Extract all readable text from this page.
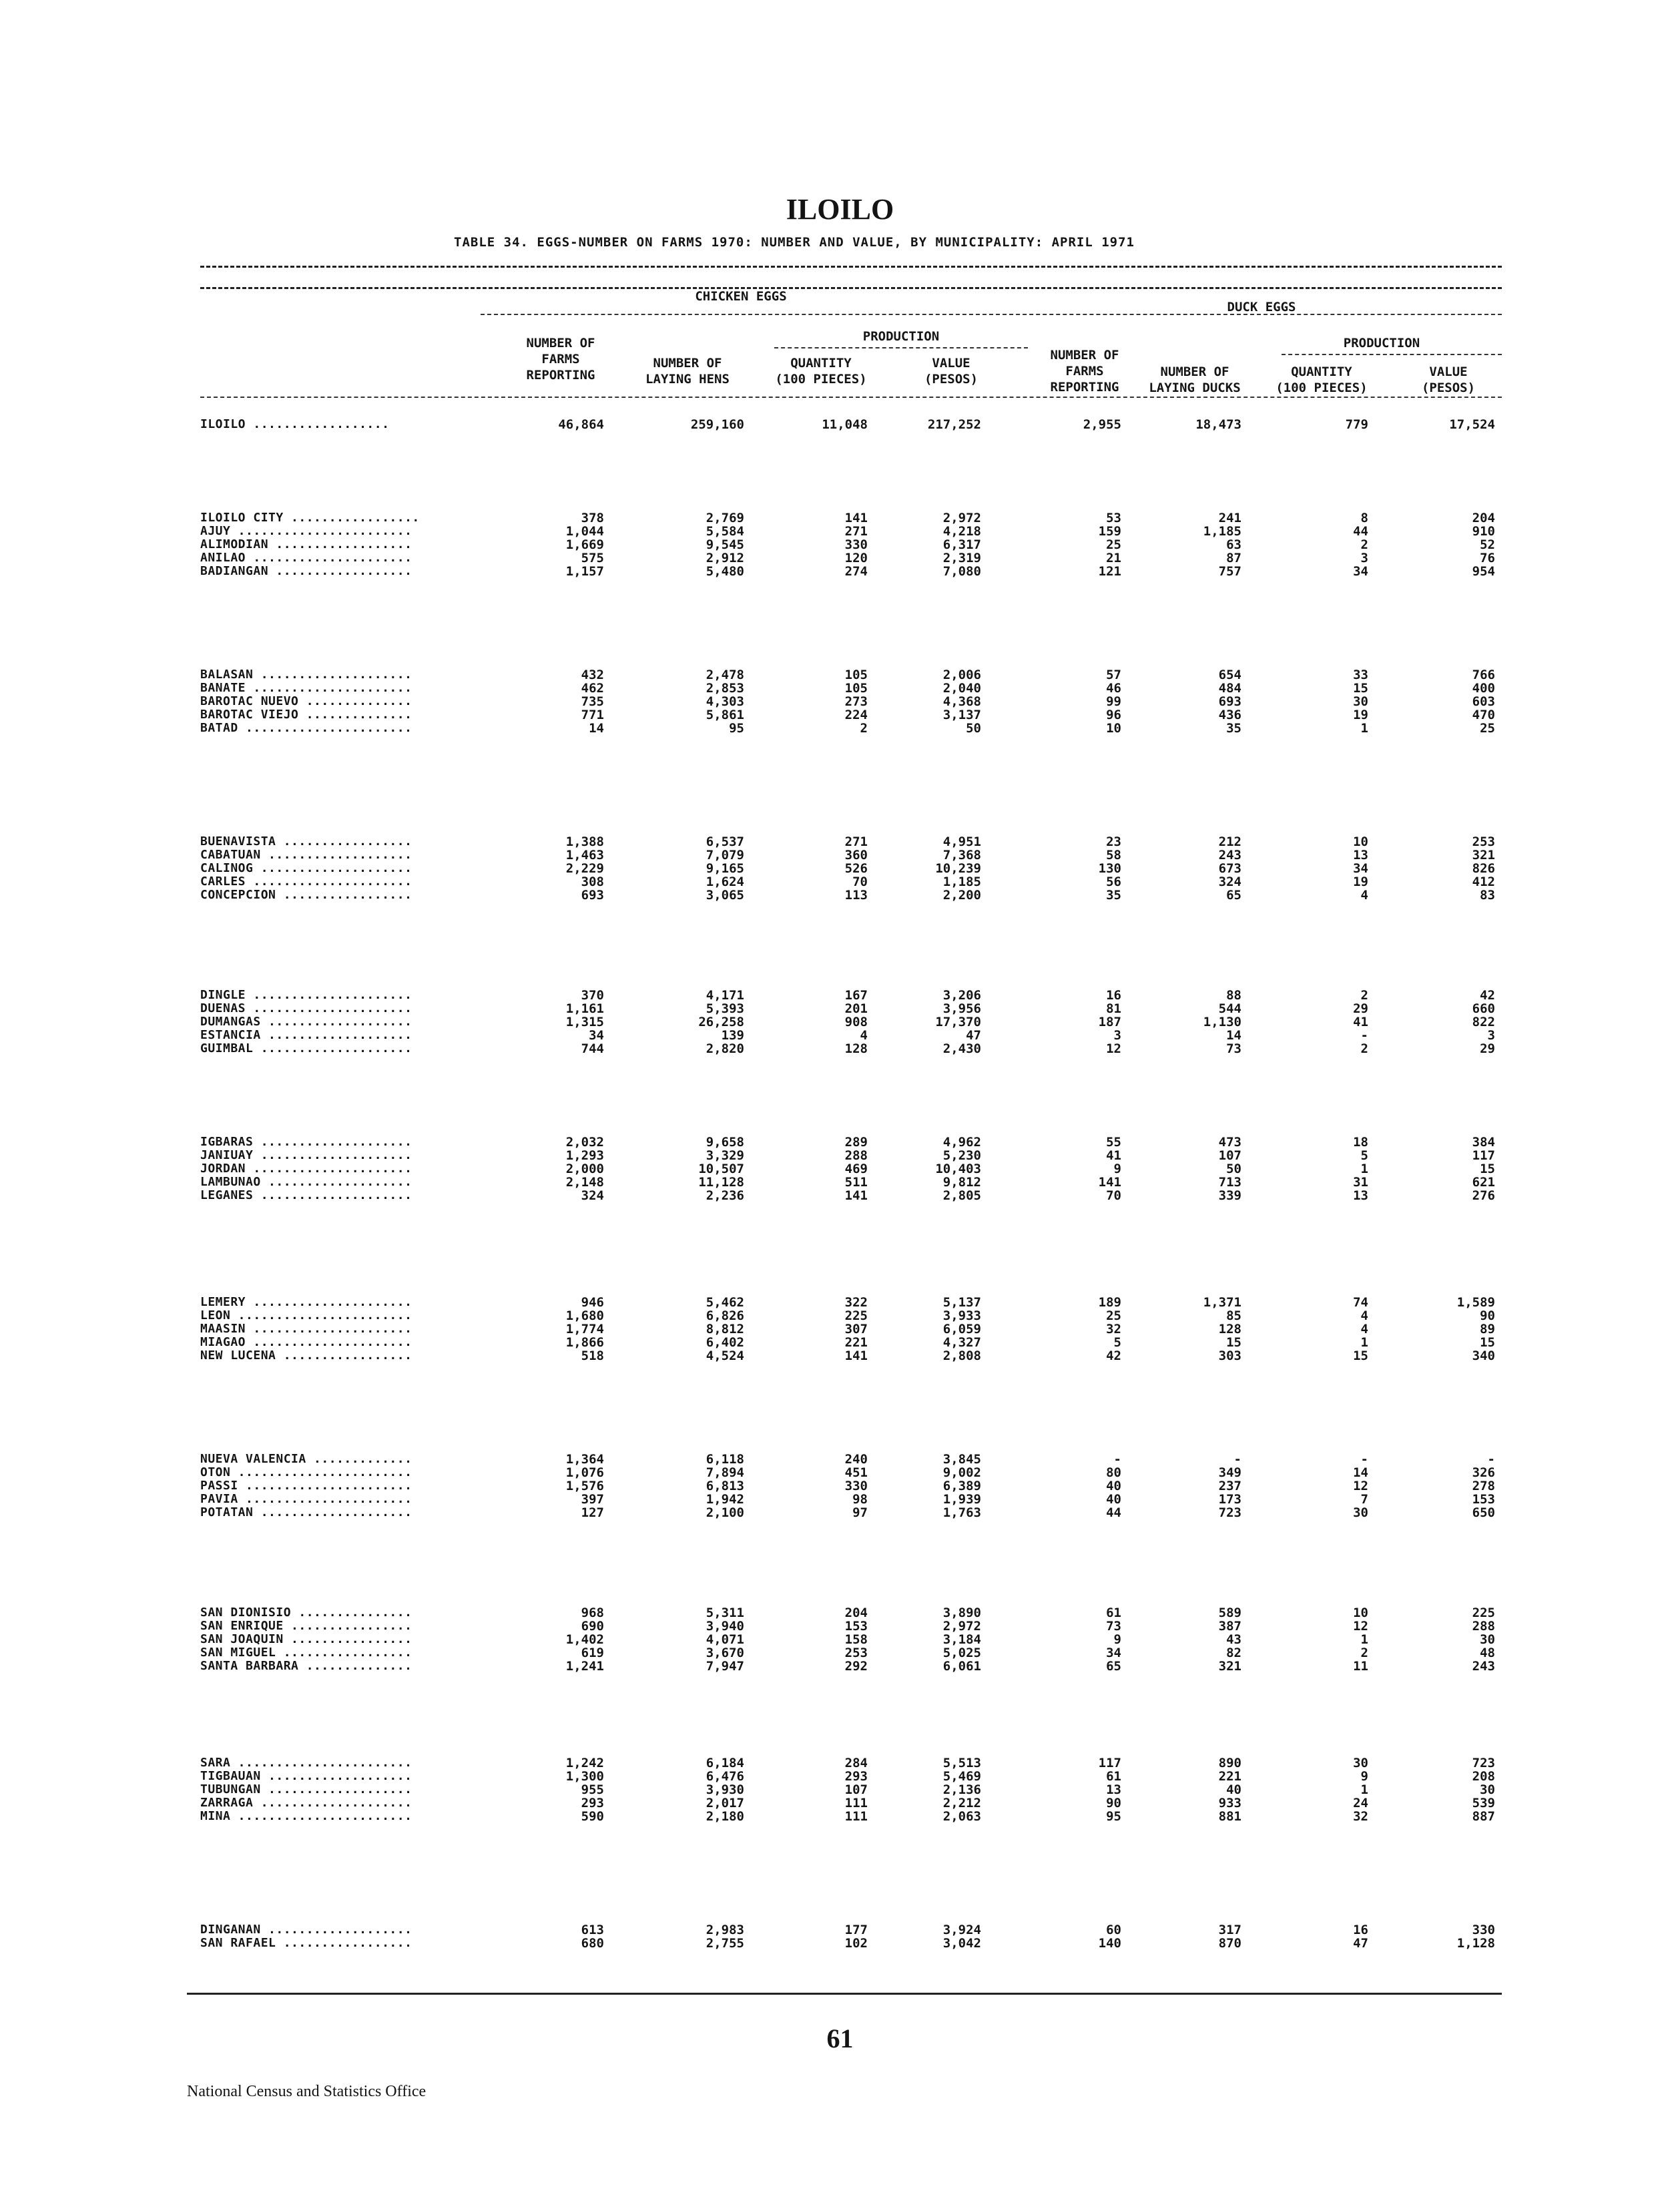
ILOILO
TABLE 34. EGGS-NUMBER ON FARMS 1970: NUMBER AND VALUE, BY MUNICIPALITY: APRIL 1971
CHICKEN EGGS
DUCK EGGS
PRODUCTION	PRODUCTION
NUMBER OF
FARMS
REPORTING
NUMBER OF
LAYING HENS
QUANTITY
(100 PIECES)
VALUE
(PESOS)
NUMBER OF
FARMS
REPORTING
NUMBER OF
LAYING DUCKS
QUANTITY
(100 PIECES)
VALUE
(PESOS)
ILOILO ..................	46,864	259,160	11,048	217,252	2,955	18,473	779	17,524
ILOILO CITY .................	378	2,769	141	2,972	53	241	8	204
AJUY .......................	1,044	5,584	271	4,218	159	1,185	44	910
ALIMODIAN ..................	1,669	9,545	330	6,317	25	63	2	52
ANILAO .....................	575	2,912	120	2,319	21	87	3	76
BADIANGAN ..................	1,157	5,480	274	7,080	121	757	34	954
BALASAN ....................	432	2,478	105	2,006	57	654	33	766
BANATE .....................	462	2,853	105	2,040	46	484	15	400
BAROTAC NUEVO ..............	735	4,303	273	4,368	99	693	30	603
BAROTAC VIEJO ..............	771	5,861	224	3,137	96	436	19	470
BATAD ......................	14	95	2	50	10	35	1	25
BUENAVISTA .................	1,388	6,537	271	4,951	23	212	10	253
CABATUAN ...................	1,463	7,079	360	7,368	58	243	13	321
CALINOG ....................	2,229	9,165	526	10,239	130	673	34	826
CARLES .....................	308	1,624	70	1,185	56	324	19	412
CONCEPCION .................	693	3,065	113	2,200	35	65	4	83
DINGLE .....................	370	4,171	167	3,206	16	88	2	42
DUENAS .....................	1,161	5,393	201	3,956	81	544	29	660
DUMANGAS ...................	1,315	26,258	908	17,370	187	1,130	41	822
ESTANCIA ...................	34	139	4	47	3	14	-	3
GUIMBAL ....................	744	2,820	128	2,430	12	73	2	29
IGBARAS ....................	2,032	9,658	289	4,962	55	473	18	384
JANIUAY ....................	1,293	3,329	288	5,230	41	107	5	117
JORDAN .....................	2,000	10,507	469	10,403	9	50	1	15
LAMBUNAO ...................	2,148	11,128	511	9,812	141	713	31	621
LEGANES ....................	324	2,236	141	2,805	70	339	13	276
LEMERY .....................	946	5,462	322	5,137	189	1,371	74	1,589
LEON .......................	1,680	6,826	225	3,933	25	85	4	90
MAASIN .....................	1,774	8,812	307	6,059	32	128	4	89
MIAGAO .....................	1,866	6,402	221	4,327	5	15	1	15
NEW LUCENA .................	518	4,524	141	2,808	42	303	15	340
NUEVA VALENCIA .............	1,364	6,118	240	3,845	-	-	-	-
OTON .......................	1,076	7,894	451	9,002	80	349	14	326
PASSI ......................	1,576	6,813	330	6,389	40	237	12	278
PAVIA ......................	397	1,942	98	1,939	40	173	7	153
POTATAN ....................	127	2,100	97	1,763	44	723	30	650
SAN DIONISIO ...............	968	5,311	204	3,890	61	589	10	225
SAN ENRIQUE ................	690	3,940	153	2,972	73	387	12	288
SAN JOAQUIN ................	1,402	4,071	158	3,184	9	43	1	30
SAN MIGUEL .................	619	3,670	253	5,025	34	82	2	48
SANTA BARBARA ..............	1,241	7,947	292	6,061	65	321	11	243
SARA .......................	1,242	6,184	284	5,513	117	890	30	723
TIGBAUAN ...................	1,300	6,476	293	5,469	61	221	9	208
TUBUNGAN ...................	955	3,930	107	2,136	13	40	1	30
ZARRAGA ....................	293	2,017	111	2,212	90	933	24	539
MINA .......................	590	2,180	111	2,063	95	881	32	887
DINGANAN ...................	613	2,983	177	3,924	60	317	16	330
SAN RAFAEL .................	680	2,755	102	3,042	140	870	47	1,128
61
National Census and Statistics Office
